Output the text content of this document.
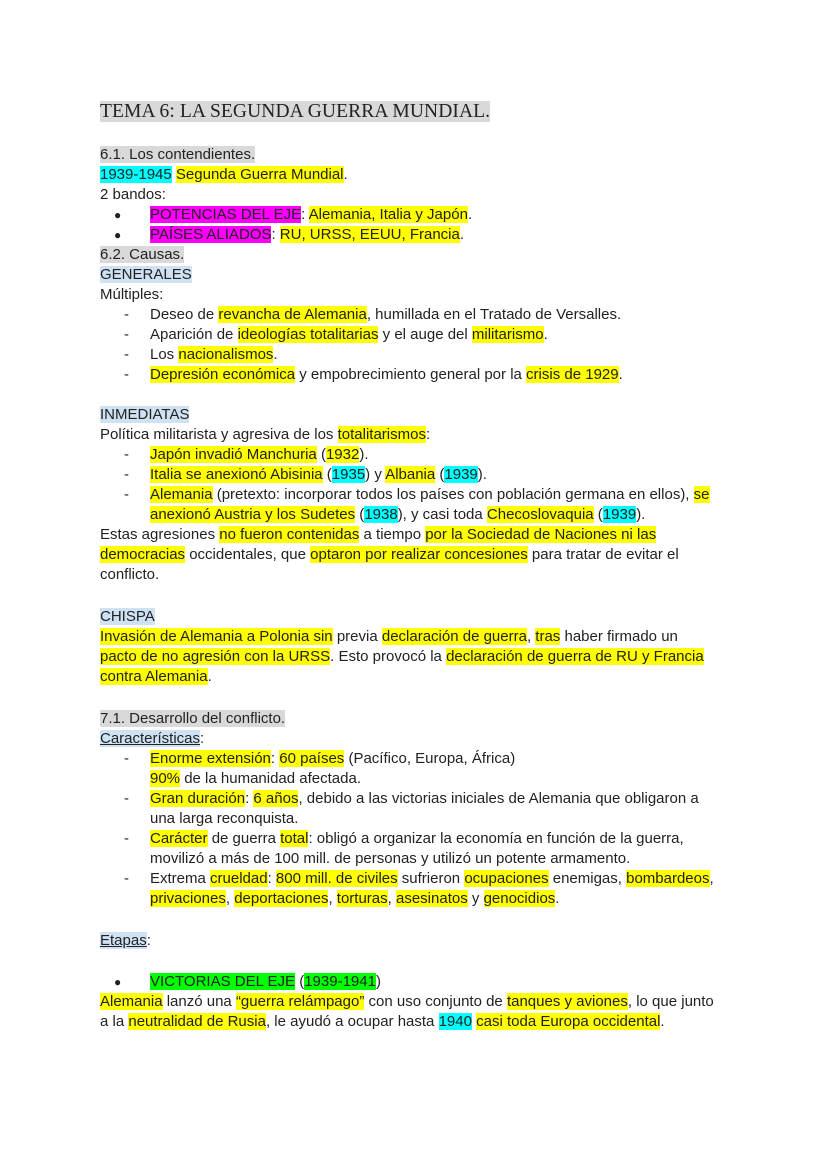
TEMA 6: LA SEGUNDA GUERRA MUNDIAL.
6.1. Los contendientes.
1939-1945 Segunda Guerra Mundial.
2 bandos:
● POTENCIAS DEL EJE: Alemania, Italia y Japón.
● PAÍSES ALIADOS: RU, URSS, EEUU, Francia.
6.2. Causas.
GENERALES
Múltiples:
-	Deseo de revancha de Alemania, humillada en el Tratado de Versalles.
-	Aparición de ideologías totalitarias y el auge del militarismo.
-	Los nacionalismos.
-	Depresión económica y empobrecimiento general por la crisis de 1929.
INMEDIATAS
Política militarista y agresiva de los totalitarismos:
-	Japón invadió Manchuria (1932).
-	Italia se anexionó Abisinia (1935) y Albania (1939).
-	Alemania (pretexto: incorporar todos los países con población germana en ellos), se
anexionó Austria y los Sudetes (1938), y casi toda Checoslovaquia (1939).
Estas agresiones no fueron contenidas a tiempo por la Sociedad de Naciones ni las
democracias occidentales, que optaron por realizar concesiones para tratar de evitar el
conflicto.
CHISPA
Invasión de Alemania a Polonia sin previa declaración de guerra, tras haber firmado un
pacto de no agresión con la URSS. Esto provocó la declaración de guerra de RU y Francia
contra Alemania.
7.1. Desarrollo del conflicto.
Características:
-	Enorme extensión: 60 países (Pacífico, Europa, África)
90% de la humanidad afectada.
-	Gran duración: 6 años, debido a las victorias iniciales de Alemania que obligaron a
una larga reconquista.
-	Carácter de guerra total: obligó a organizar la economía en función de la guerra,
movilizó a más de 100 mill. de personas y utilizó un potente armamento.
-	Extrema crueldad: 800 mill. de civiles sufrieron ocupaciones enemigas, bombardeos,
privaciones, deportaciones, torturas, asesinatos y genocidios.
Etapas:
● VICTORIAS DEL EJE (1939-1941)
Alemania lanzó una “guerra relámpago” con uso conjunto de tanques y aviones, lo que junto
a la neutralidad de Rusia, le ayudó a ocupar hasta 1940 casi toda Europa occidental.
